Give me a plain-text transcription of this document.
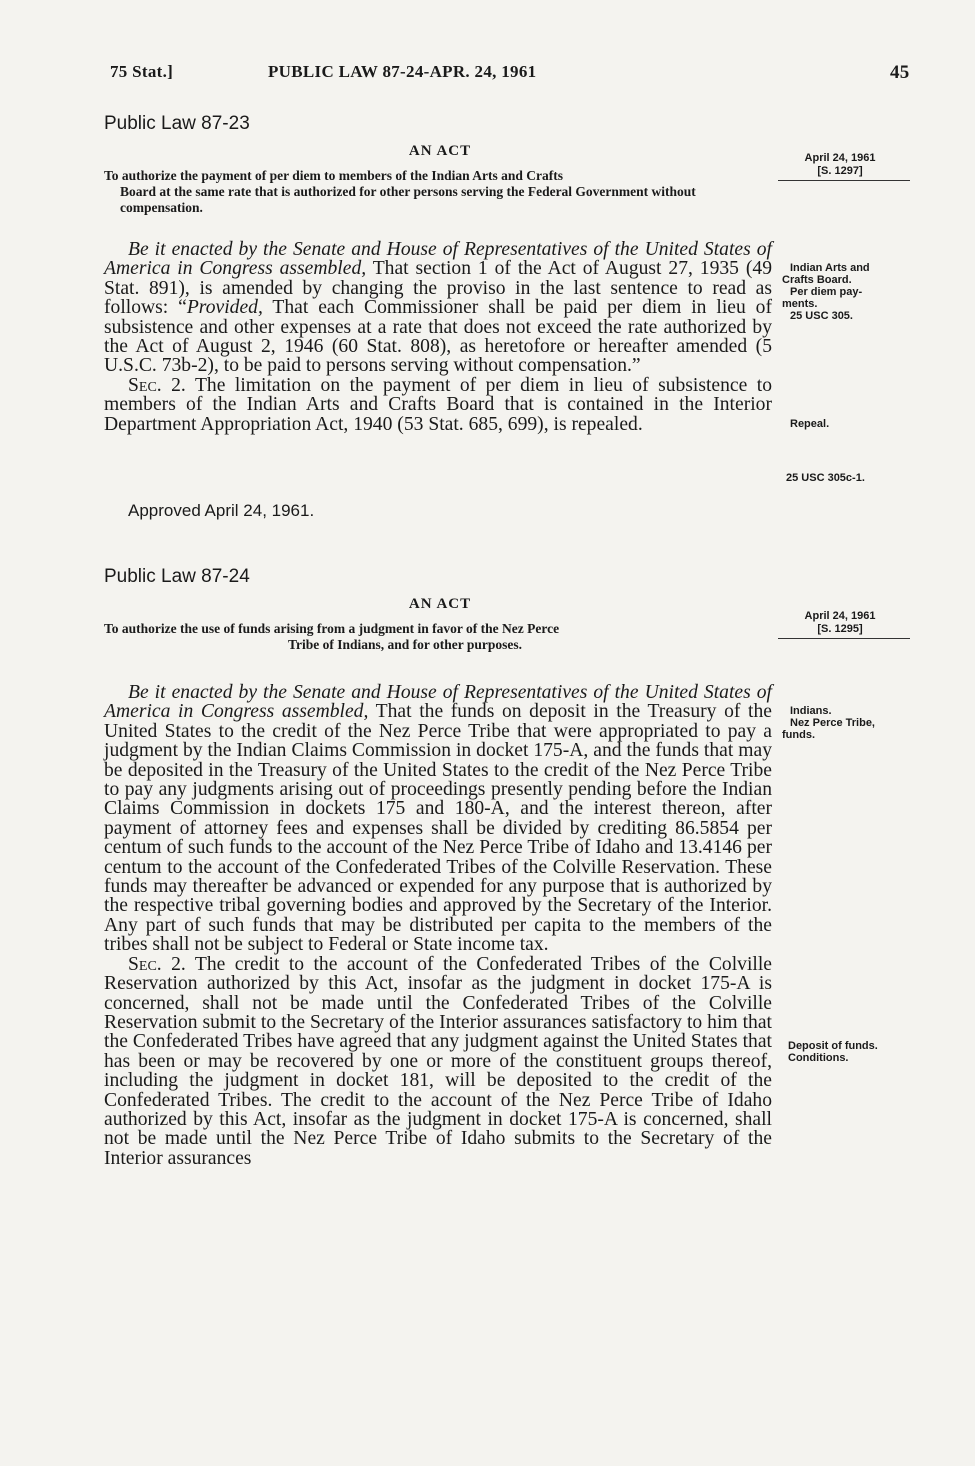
75 Stat.]	PUBLIC LAW 87-24-APR. 24, 1961	45
Public Law 87-23
AN ACT
To authorize the payment of per diem to members of the Indian Arts and Crafts
Board at the same rate that is authorized for other persons serving the Federal Government without compensation.
April 24, 1961
[S. 1297]

Be it enacted by the Senate and House of Representatives of the United States of America in Congress assembled, That section 1 of the Act of August 27, 1935 (49 Stat. 891), is amended by changing the proviso in the last sentence to read as follows: “Provided, That each Commissioner shall be paid per diem in lieu of subsistence and other expenses at a rate that does not exceed the rate authorized by the Act of August 2, 1946 (60 Stat. 808), as heretofore or hereafter amended (5 U.S.C. 73b-2), to be paid to persons serving without compensation.”

Sec. 2. The limitation on the payment of per diem in lieu of subsistence to members of the Indian Arts and Crafts Board that is contained in the Interior Department Appropriation Act, 1940 (53 Stat. 685, 699), is repealed.

Approved April 24, 1961.
Indian Arts and
Crafts Board.
Per diem pay-
ments.
25 USC 305.
Repeal.
25 USC 305c-1.
Public Law 87-24
AN ACT
To authorize the use of funds arising from a judgment in favor of the Nez Perce
Tribe of Indians, and for other purposes.
April 24, 1961
[S. 1295]

Be it enacted by the Senate and House of Representatives of the United States of America in Congress assembled, That the funds on deposit in the Treasury of the United States to the credit of the Nez Perce Tribe that were appropriated to pay a judgment by the Indian Claims Commission in docket 175-A, and the funds that may be deposited in the Treasury of the United States to the credit of the Nez Perce Tribe to pay any judgments arising out of proceedings presently pending before the Indian Claims Commission in dockets 175 and 180-A, and the interest thereon, after payment of attorney fees and expenses shall be divided by crediting 86.5854 per centum of such funds to the account of the Nez Perce Tribe of Idaho and 13.4146 per centum to the account of the Confederated Tribes of the Colville Reservation. These funds may thereafter be advanced or expended for any purpose that is authorized by the respective tribal governing bodies and approved by the Secretary of the Interior. Any part of such funds that may be distributed per capita to the members of the tribes shall not be subject to Federal or State income tax.

Sec. 2. The credit to the account of the Confederated Tribes of the Colville Reservation authorized by this Act, insofar as the judgment in docket 175-A is concerned, shall not be made until the Confederated Tribes of the Colville Reservation submit to the Secretary of the Interior assurances satisfactory to him that the Confederated Tribes have agreed that any judgment against the United States that has been or may be recovered by one or more of the constituent groups thereof, including the judgment in docket 181, will be deposited to the credit of the Confederated Tribes. The credit to the account of the Nez Perce Tribe of Idaho authorized by this Act, insofar as the judgment in docket 175-A is concerned, shall not be made until the Nez Perce Tribe of Idaho submits to the Secretary of the Interior assurances

Indians.
Nez Perce Tribe,
funds.
Deposit of funds.
Conditions.
